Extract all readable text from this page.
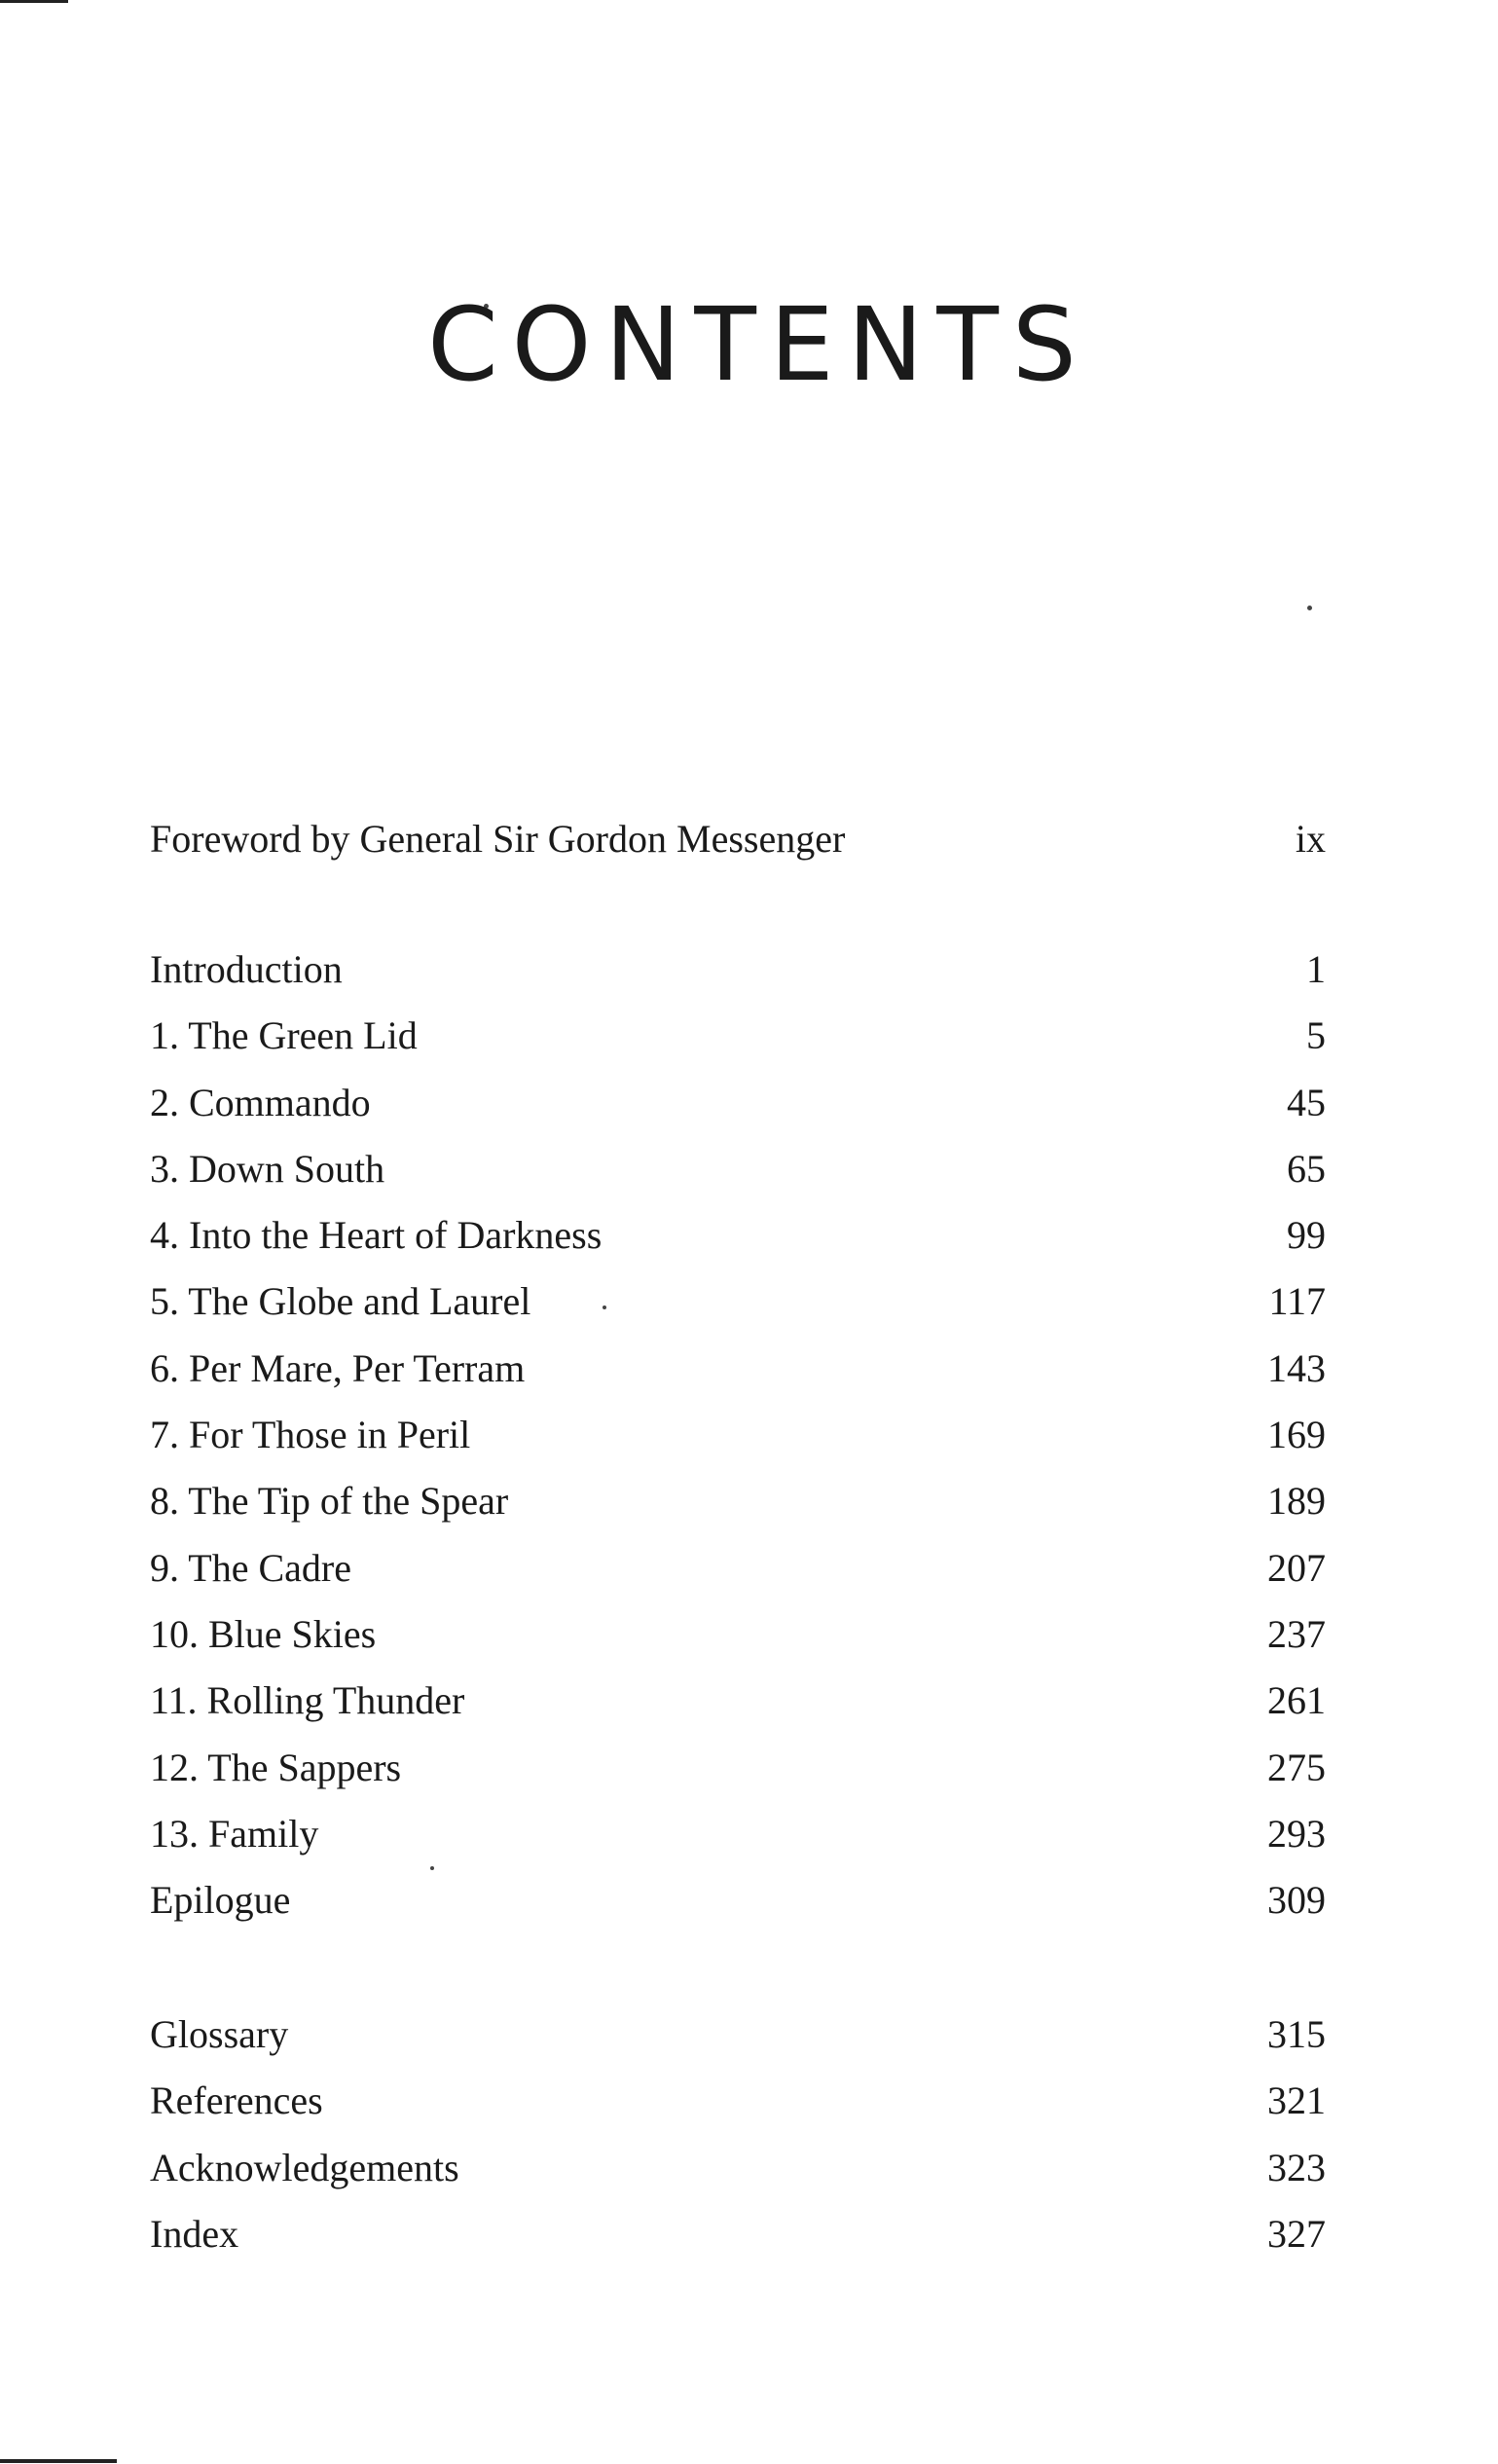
CONTENTS
Foreword by General Sir Gordon Messenger	ix
Introduction	1
1. The Green Lid	5
2. Commando	45
3. Down South	65
4. Into the Heart of Darkness	99
5. The Globe and Laurel	117
6. Per Mare, Per Terram	143
7. For Those in Peril	169
8. The Tip of the Spear	189
9. The Cadre	207
10. Blue Skies	237
11. Rolling Thunder	261
12. The Sappers	275
13. Family	293
Epilogue	309
Glossary	315
References	321
Acknowledgements	323
Index	327
